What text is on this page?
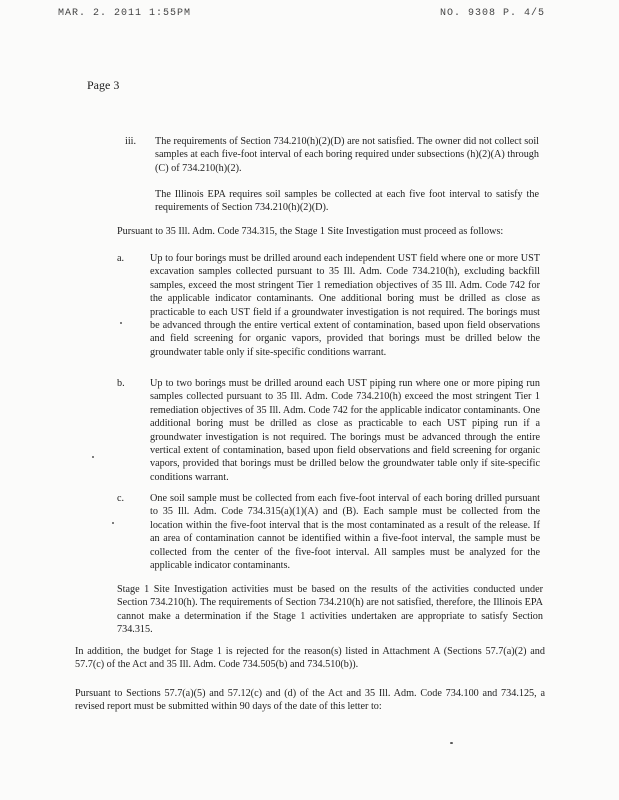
MAR. 2. 2011 1:55PM	NO. 9308 P. 4/5
Page 3
iii. The requirements of Section 734.210(h)(2)(D) are not satisfied. The owner did not collect soil samples at each five-foot interval of each boring required under subsections (h)(2)(A) through (C) of 734.210(h)(2).

The Illinois EPA requires soil samples be collected at each five foot interval to satisfy the requirements of Section 734.210(h)(2)(D).

Pursuant to 35 Ill. Adm. Code 734.315, the Stage 1 Site Investigation must proceed as follows:

a.	Up to four borings must be drilled around each independent UST field where one or more UST excavation samples collected pursuant to 35 Ill. Adm. Code 734.210(h), excluding backfill samples, exceed the most stringent Tier 1 remediation objectives of 35 Ill. Adm. Code 742 for the applicable indicator contaminants. One additional boring must be drilled as close as practicable to each UST field if a groundwater investigation is not required. The borings must be advanced through the entire vertical extent of contamination, based upon field observations and field screening for organic vapors, provided that borings must be drilled below the groundwater table only if site-specific conditions warrant.

b. Up to two borings must be drilled around each UST piping run where one or more piping run samples collected pursuant to 35 Ill. Adm. Code 734.210(h) exceed the most stringent Tier 1 remediation objectives of 35 Ill. Adm. Code 742 for the applicable indicator contaminants. One additional boring must be drilled as close as practicable to each UST piping run if a groundwater investigation is not required. The borings must be advanced through the entire vertical extent of contamination, based upon field observations and field screening for organic vapors, provided that borings must be drilled below the groundwater table only if site-specific conditions warrant.

c.	One soil sample must be collected from each five-foot interval of each boring drilled pursuant to 35 Ill. Adm. Code 734.315(a)(1)(A) and (B). Each sample must be collected from the location within the five-foot interval that is the most contaminated as a result of the release. If an area of contamination cannot be identified within a five-foot interval, the sample must be collected from the center of the five-foot interval. All samples must be analyzed for the applicable indicator contaminants.

Stage 1 Site Investigation activities must be based on the results of the activities conducted under Section 734.210(h). The requirements of Section 734.210(h) are not satisfied, therefore, the Illinois EPA cannot make a determination if the Stage 1 activities undertaken are appropriate to satisfy Section 734.315.

In addition, the budget for Stage 1 is rejected for the reason(s) listed in Attachment A (Sections 57.7(a)(2) and 57.7(c) of the Act and 35 Ill. Adm. Code 734.505(b) and 734.510(b)).

Pursuant to Sections 57.7(a)(5) and 57.12(c) and (d) of the Act and 35 Ill. Adm. Code 734.100 and 734.125, a revised report must be submitted within 90 days of the date of this letter to:
